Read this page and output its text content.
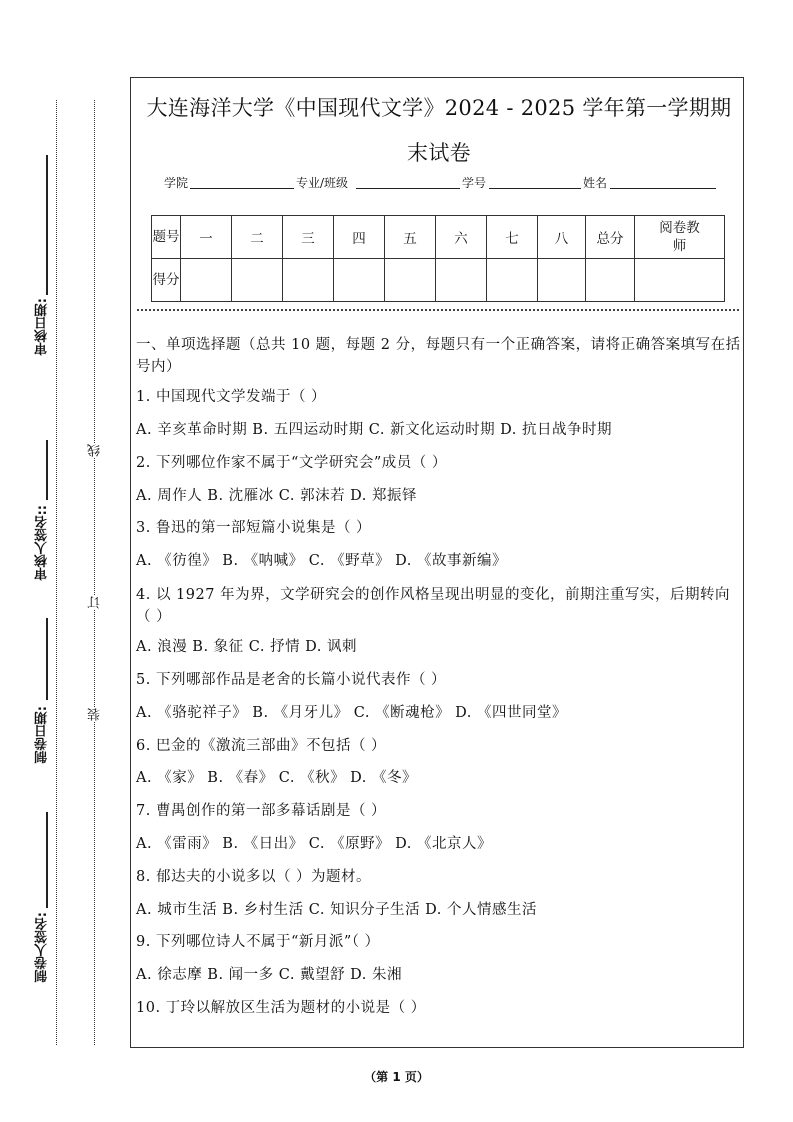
审核日期:
审核人签名::
制卷日期:
制卷人签名:
线
订
装
大连海洋大学《中国现代文学》2024 - 2025 学年第一学期期末试卷
学院	专业/班级	学号	姓名
题号	一	二	三	四	五	六	七	八	总分	阅卷教师
得分										
一、单项选择题（总共 10 题，每题 2 分，每题只有一个正确答案，请将正确答案填写在括号内）
1. 中国现代文学发端于（ ）
A. 辛亥革命时期 B. 五四运动时期 C. 新文化运动时期 D. 抗日战争时期
2. 下列哪位作家不属于“文学研究会”成员（ ）
A. 周作人 B. 沈雁冰 C. 郭沫若 D. 郑振铎
3. 鲁迅的第一部短篇小说集是（ ）
A. 《彷徨》 B. 《呐喊》 C. 《野草》 D. 《故事新编》
4. 以 1927 年为界，文学研究会的创作风格呈现出明显的变化，前期注重写实，后期转向（ ）
A. 浪漫 B. 象征 C. 抒情 D. 讽刺
5. 下列哪部作品是老舍的长篇小说代表作（ ）
A. 《骆驼祥子》 B. 《月牙儿》 C. 《断魂枪》 D. 《四世同堂》
6. 巴金的《激流三部曲》不包括（ ）
A. 《家》 B. 《春》 C. 《秋》 D. 《冬》
7. 曹禺创作的第一部多幕话剧是（ ）
A. 《雷雨》 B. 《日出》 C. 《原野》 D. 《北京人》
8. 郁达夫的小说多以（ ）为题材。
A. 城市生活 B. 乡村生活 C. 知识分子生活 D. 个人情感生活
9. 下列哪位诗人不属于“新月派”（ ）
A. 徐志摩 B. 闻一多 C. 戴望舒 D. 朱湘
10. 丁玲以解放区生活为题材的小说是（ ）
（第 1 页）
